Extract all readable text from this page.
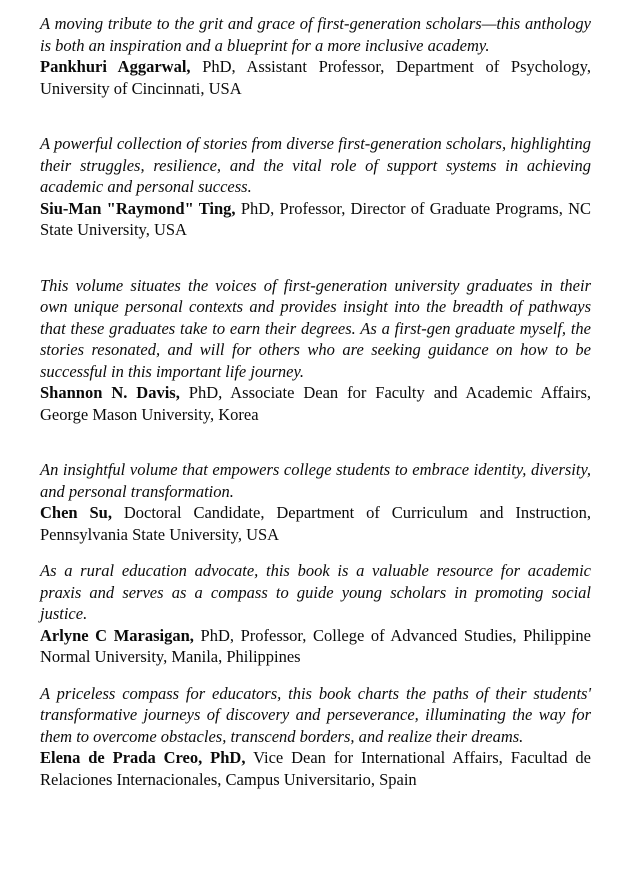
A moving tribute to the grit and grace of first-generation scholars—this anthology is both an inspiration and a blueprint for a more inclusive academy.

Pankhuri Aggarwal, PhD, Assistant Professor, Department of Psychology, University of Cincinnati, USA

A powerful collection of stories from diverse first-generation scholars, highlighting their struggles, resilience, and the vital role of support systems in achieving academic and personal success.

Siu-Man "Raymond" Ting, PhD, Professor, Director of Graduate Programs, NC State University, USA

This volume situates the voices of first-generation university graduates in their own unique personal contexts and provides insight into the breadth of pathways that these graduates take to earn their degrees. As a first-gen graduate myself, the stories resonated, and will for others who are seeking guidance on how to be successful in this important life journey.

Shannon N. Davis, PhD, Associate Dean for Faculty and Academic Affairs, George Mason University, Korea

An insightful volume that empowers college students to embrace identity, diversity, and personal transformation.

Chen Su, Doctoral Candidate, Department of Curriculum and Instruction, Pennsylvania State University, USA

As a rural education advocate, this book is a valuable resource for academic praxis and serves as a compass to guide young scholars in promoting social justice.

Arlyne C Marasigan, PhD, Professor, College of Advanced Studies, Philippine Normal University, Manila, Philippines

A priceless compass for educators, this book charts the paths of their students' transformative journeys of discovery and perseverance, illuminating the way for them to overcome obstacles, transcend borders, and realize their dreams.

Elena de Prada Creo, PhD, Vice Dean for International Affairs, Facultad de Relaciones Internacionales, Campus Universitario, Spain
